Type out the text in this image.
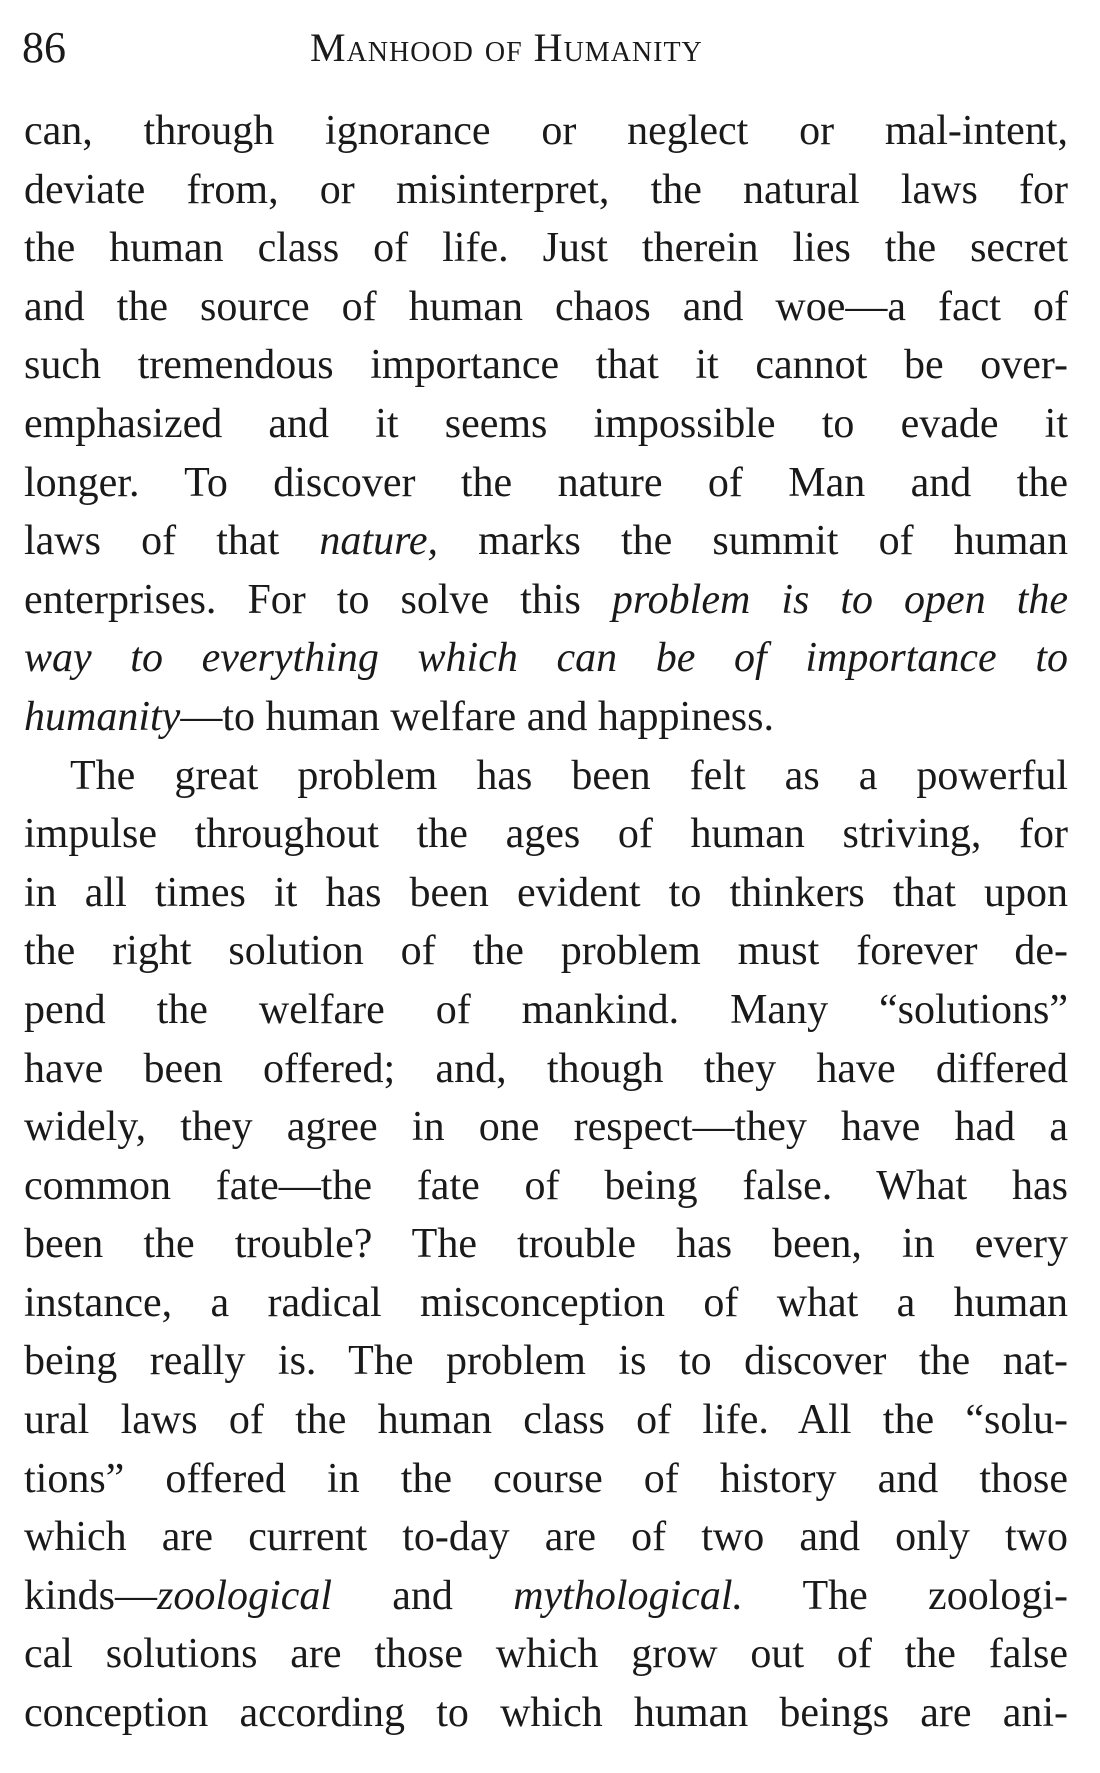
86	Manhood of Humanity
can, through ignorance or neglect or mal-intent,
deviate from, or misinterpret, the natural laws for
the human class of life. Just therein lies the secret
and the source of human chaos and woe—a fact of
such tremendous importance that it cannot be over-
emphasized and it seems impossible to evade it
longer. To discover the nature of Man and the
laws of that nature, marks the summit of human
enterprises. For to solve this problem is to open the
way to everything which can be of importance to
humanity—to human welfare and happiness.
The great problem has been felt as a powerful
impulse throughout the ages of human striving, for
in all times it has been evident to thinkers that upon
the right solution of the problem must forever de-
pend the welfare of mankind. Many “solutions”
have been offered; and, though they have differed
widely, they agree in one respect—they have had a
common fate—the fate of being false. What has
been the trouble? The trouble has been, in every
instance, a radical misconception of what a human
being really is. The problem is to discover the nat-
ural laws of the human class of life. All the “solu-
tions” offered in the course of history and those
which are current to-day are of two and only two
kinds—zoological and mythological. The zoologi-
cal solutions are those which grow out of the false
conception according to which human beings are ani-
